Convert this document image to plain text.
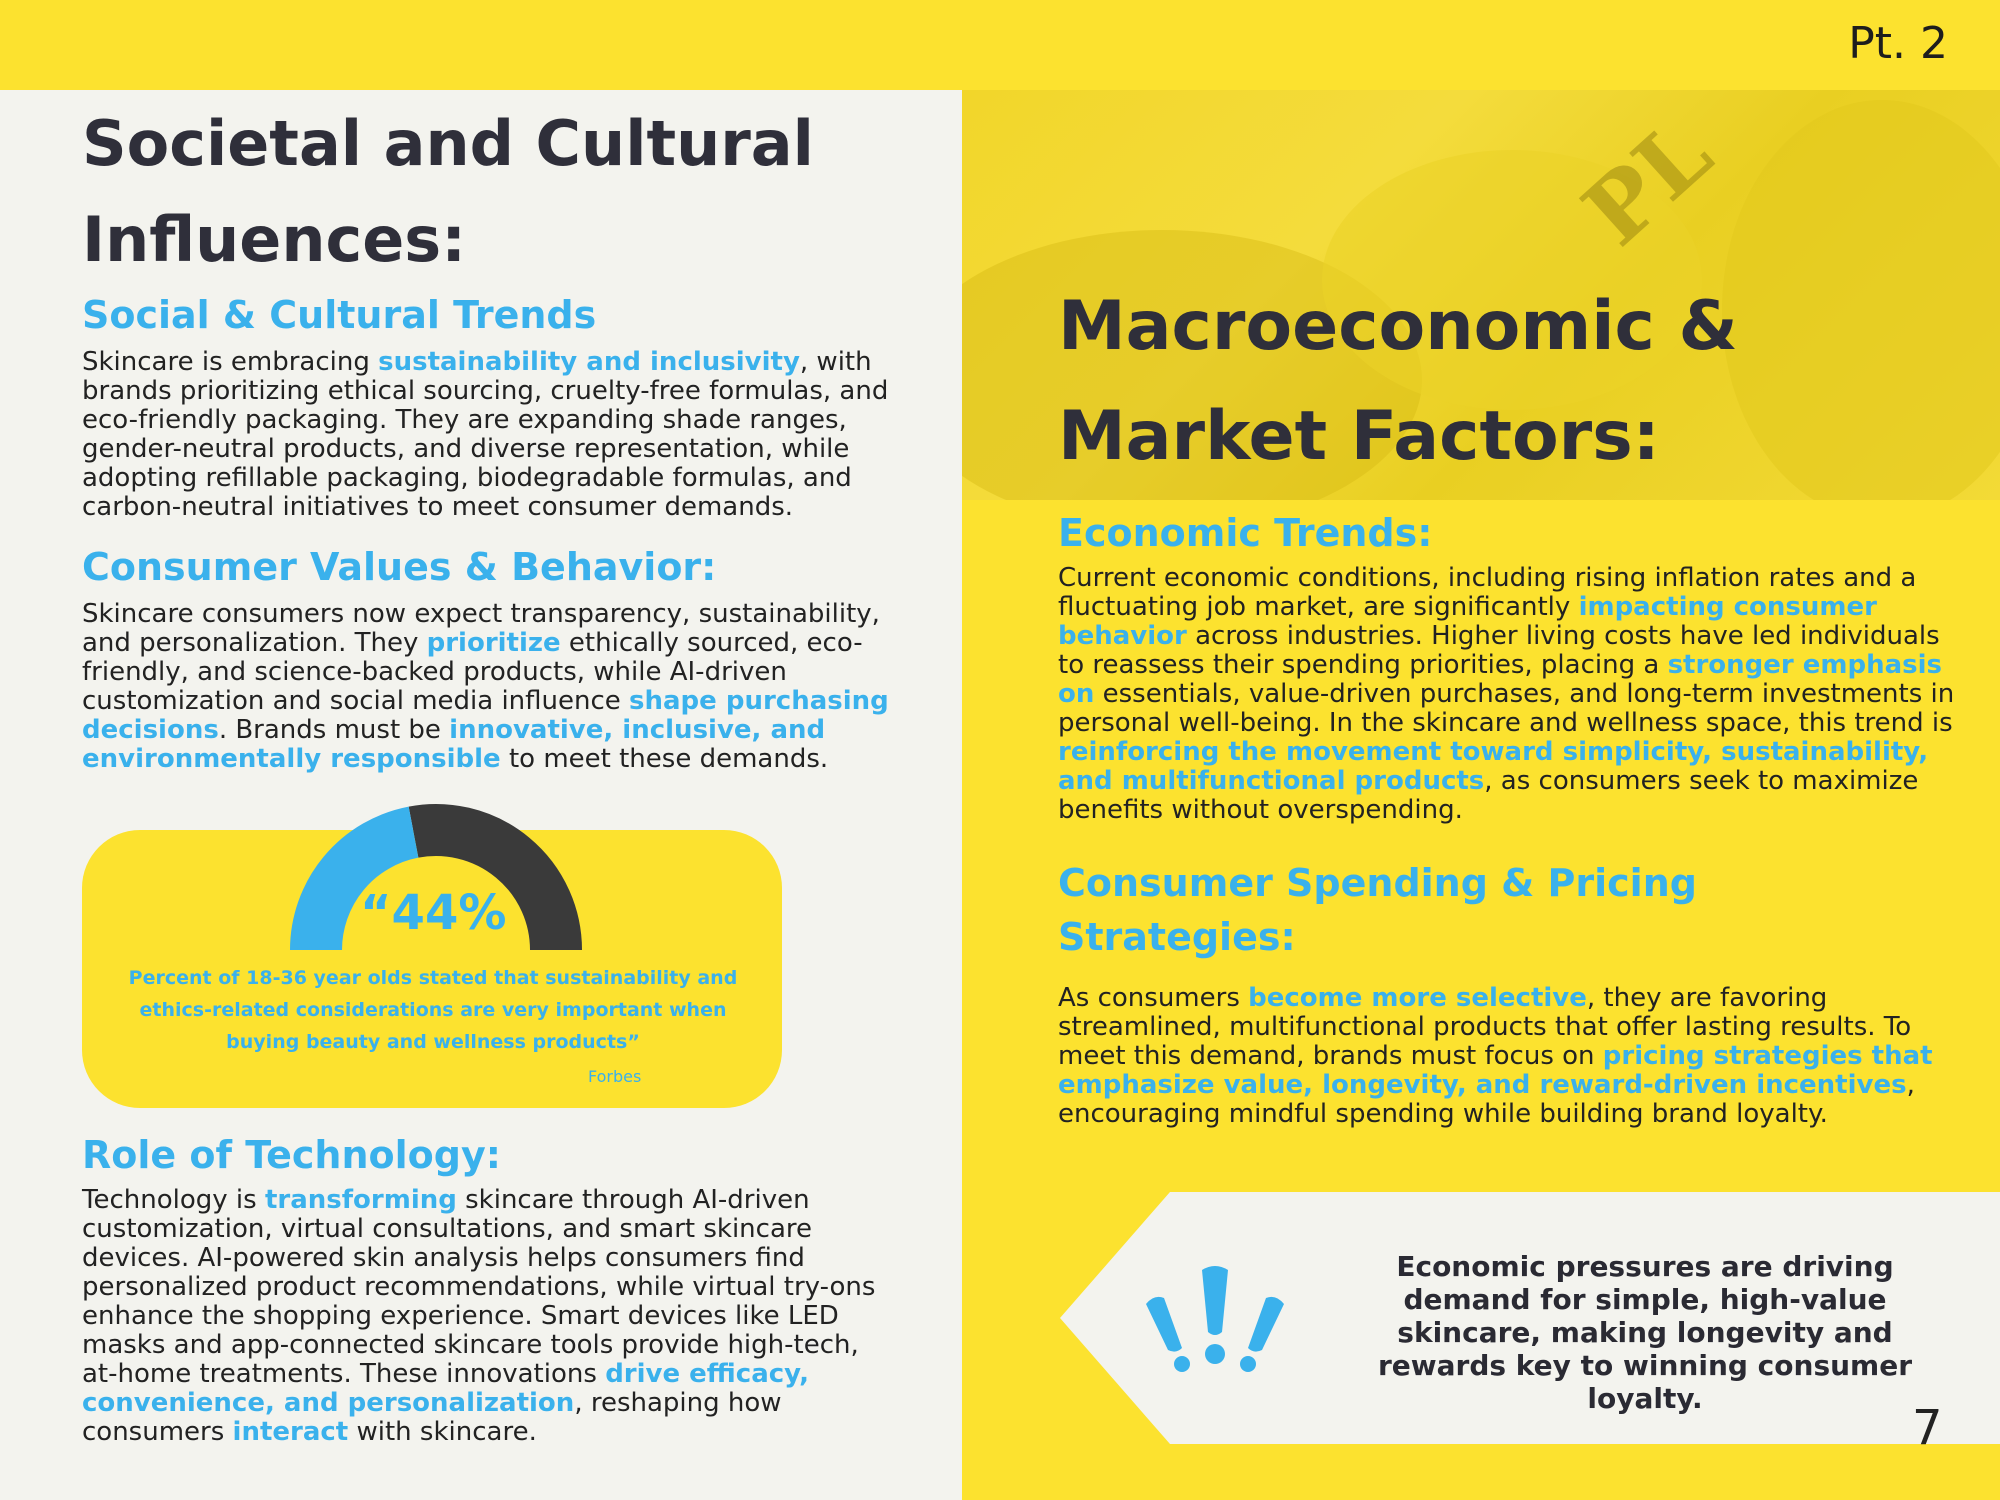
Pt. 2
PL
Societal and Cultural
Influences:
Social & Cultural Trends
Skincare is embracing sustainability and inclusivity, with brands prioritizing ethical sourcing, cruelty-free formulas, and eco-friendly packaging. They are expanding shade ranges, gender-neutral products, and diverse representation, while adopting refillable packaging, biodegradable formulas, and carbon-neutral initiatives to meet consumer demands.
Consumer Values & Behavior:
Skincare consumers now expect transparency, sustainability, and personalization. They prioritize ethically sourced, eco-friendly, and science-backed products, while AI-driven customization and social media influence shape purchasing decisions. Brands must be innovative, inclusive, and environmentally responsible to meet these demands.
“44%
Percent of 18-36 year olds stated that sustainability and ethics-related considerations are very important when buying beauty and wellness products”
Forbes
Role of Technology:
Technology is transforming skincare through AI-driven customization, virtual consultations, and smart skincare devices. AI-powered skin analysis helps consumers find personalized product recommendations, while virtual try-ons enhance the shopping experience. Smart devices like LED masks and app-connected skincare tools provide high-tech, at-home treatments. These innovations drive efficacy, convenience, and personalization, reshaping how consumers interact with skincare.
Macroeconomic &
Market Factors:
Economic Trends:
Current economic conditions, including rising inflation rates and a fluctuating job market, are significantly impacting consumer behavior across industries. Higher living costs have led individuals to reassess their spending priorities, placing a stronger emphasis on essentials, value-driven purchases, and long-term investments in personal well-being. In the skincare and wellness space, this trend is reinforcing the movement toward simplicity, sustainability, and multifunctional products, as consumers seek to maximize benefits without overspending.
Consumer Spending & Pricing
Strategies:
As consumers become more selective, they are favoring streamlined, multifunctional products that offer lasting results. To meet this demand, brands must focus on pricing strategies that emphasize value, longevity, and reward-driven incentives, encouraging mindful spending while building brand loyalty.
Economic pressures are driving demand for simple, high-value skincare, making longevity and rewards key to winning consumer loyalty.
7
